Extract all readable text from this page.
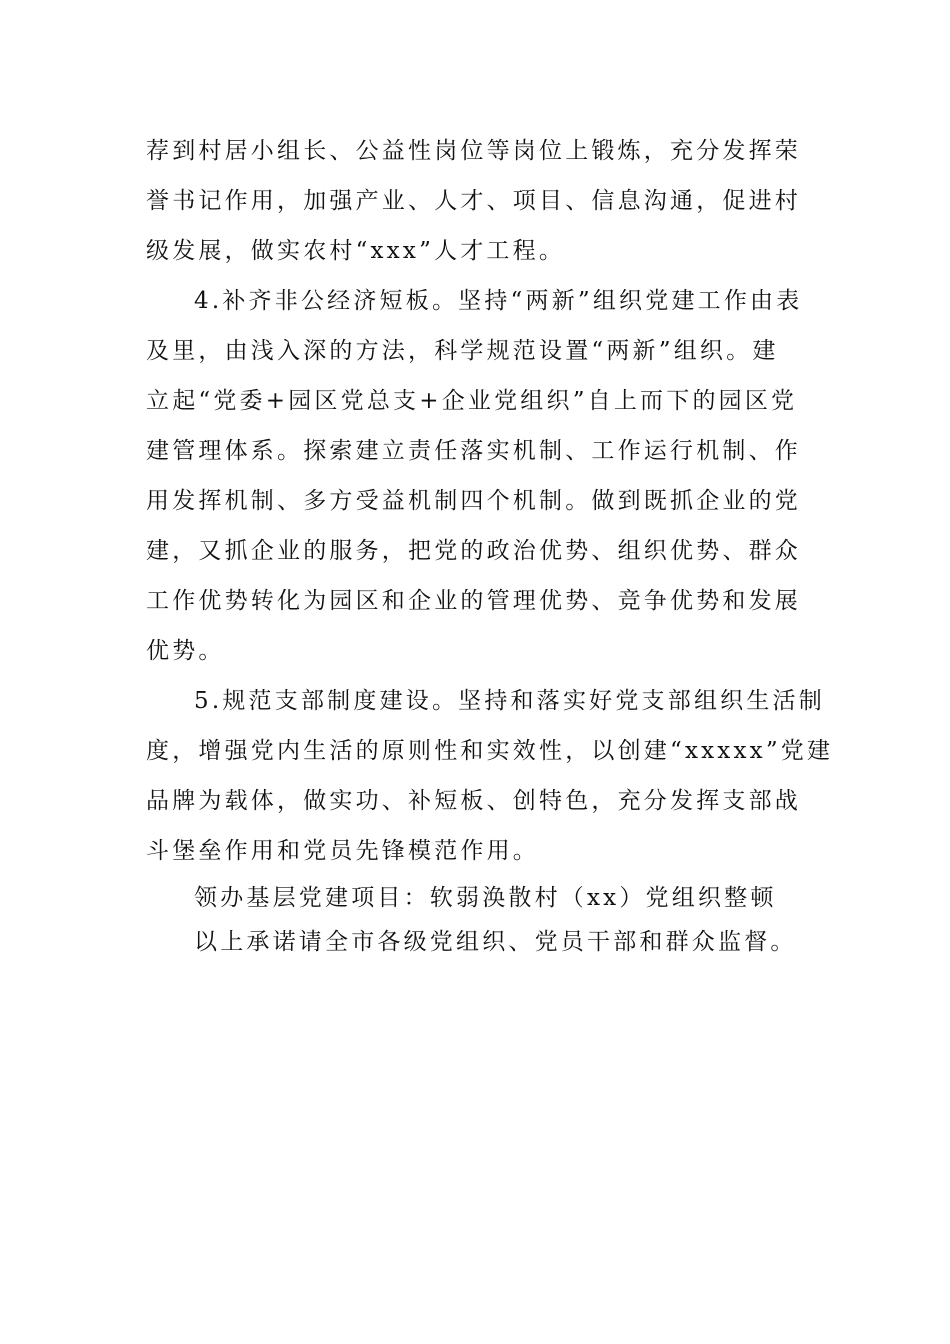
荐到村居小组长、公益性岗位等岗位上锻炼，充分发挥荣
誉书记作用，加强产业、人才、项目、信息沟通，促进村
级发展，做实农村“xxx”人才工程。
4.补齐非公经济短板。坚持“两新”组织党建工作由表
及里，由浅入深的方法，科学规范设置“两新”组织。建
立起“党委+园区党总支+企业党组织”自上而下的园区党
建管理体系。探索建立责任落实机制、工作运行机制、作
用发挥机制、多方受益机制四个机制。做到既抓企业的党
建，又抓企业的服务，把党的政治优势、组织优势、群众
工作优势转化为园区和企业的管理优势、竞争优势和发展
优势。
5.规范支部制度建设。坚持和落实好党支部组织生活制
度，增强党内生活的原则性和实效性，以创建“xxxxx”党建
品牌为载体，做实功、补短板、创特色，充分发挥支部战
斗堡垒作用和党员先锋模范作用。
领办基层党建项目：软弱涣散村（xx）党组织整顿
以上承诺请全市各级党组织、党员干部和群众监督。
